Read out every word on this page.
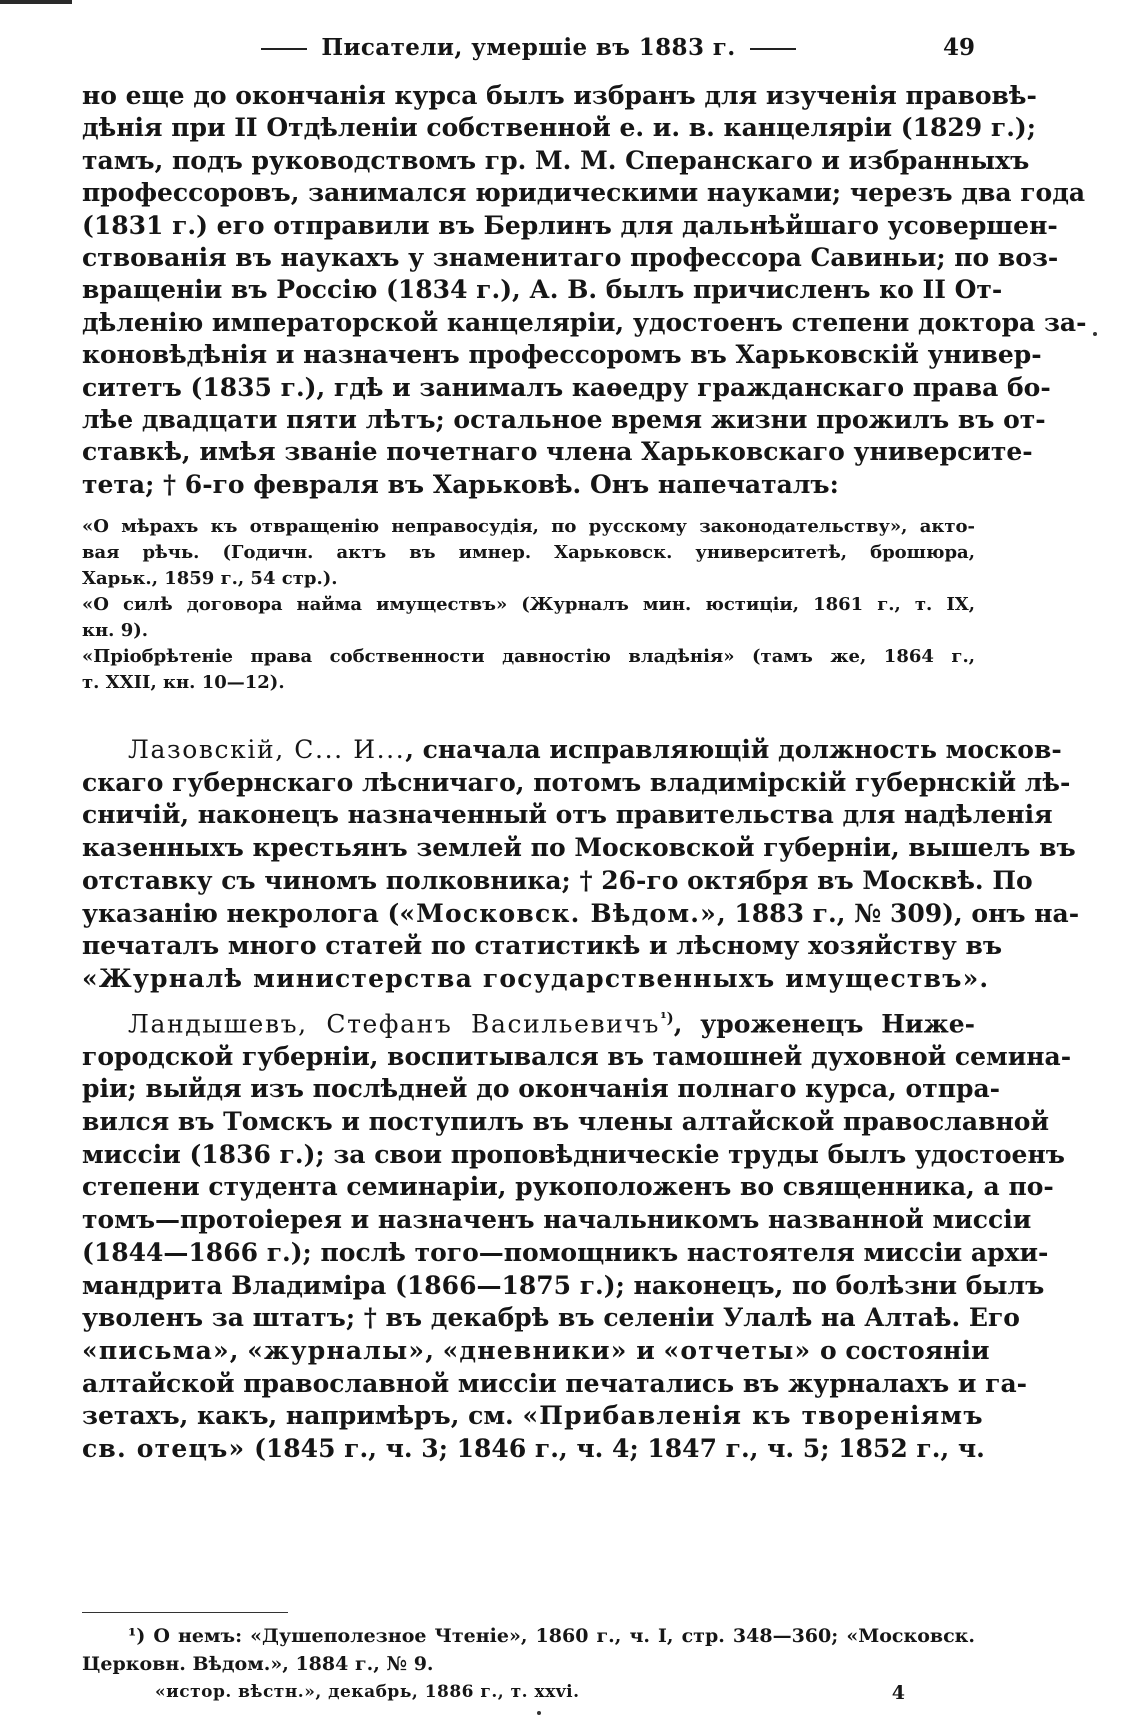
Писатели, умершіе въ 1883 г.	49
но еще до окончанія курса былъ избранъ для изученія правовѣ-
дѣнія при II Отдѣленіи собственной е. и. в. канцеляріи (1829 г.);
тамъ, подъ руководствомъ гр. М. М. Сперанскаго и избранныхъ
профессоровъ, занимался юридическими науками; черезъ два года
(1831 г.) его отправили въ Берлинъ для дальнѣйшаго усовершен-
ствованія въ наукахъ у знаменитаго профессора Савиньи; по воз-
вращеніи въ Россію (1834 г.), А. В. былъ причисленъ ко II От-
дѣленію императорской канцеляріи, удостоенъ степени доктора за-
коновѣдѣнія и назначенъ профессоромъ въ Харьковскій универ-
ситетъ (1835 г.), гдѣ и занималъ каѳедру гражданскаго права бо-
лѣе двадцати пяти лѣтъ; остальное время жизни прожилъ въ от-
ставкѣ, имѣя званіе почетнаго члена Харьковскаго университе-
тета; † 6-го февраля въ Харьковѣ. Онъ напечаталъ:
«О мѣрахъ къ отвращенію неправосудія, по русскому законодательству», акто-
вая рѣчь. (Годичн. актъ въ имнер. Харьковск. университетѣ, брошюра,
Харьк., 1859 г., 54 стр.).
«О силѣ договора найма имуществъ» (Журналъ мин. юстиціи, 1861 г., т. IX,
кн. 9).
«Пріобрѣтеніе права собственности давностію владѣнія» (тамъ же, 1864 г.,
т. XXII, кн. 10—12).
Лазовскій, С... И..., сначала исправляющій должность москов-
скаго губернскаго лѣсничаго, потомъ владимірскій губернскій лѣ-
сничій, наконецъ назначенный отъ правительства для надѣленія
казенныхъ крестьянъ землей по Московской губерніи, вышелъ въ
отставку съ чиномъ полковника; † 26-го октября въ Москвѣ. По
указанію некролога («Московск. Вѣдом.», 1883 г., № 309), онъ на-
печаталъ много статей по статистикѣ и лѣсному хозяйству въ
«Журналѣ министерства государственныхъ имуществъ».
Ландышевъ, Стефанъ Васильевичъ$^{^1)}$, уроженецъ Ниже-
городской губерніи, воспитывался въ тамошней духовной семина-
ріи; выйдя изъ послѣдней до окончанія полнаго курса, отпра-
вился въ Томскъ и поступилъ въ члены алтайской православной
миссіи (1836 г.); за свои проповѣдническіе труды былъ удостоенъ
степени студента семинаріи, рукоположенъ во священника, а по-
томъ—протоіерея и назначенъ начальникомъ названной миссіи
(1844—1866 г.); послѣ того—помощникъ настоятеля миссіи архи-
мандрита Владиміра (1866—1875 г.); наконецъ, по болѣзни былъ
уволенъ за штатъ; † въ декабрѣ въ селеніи Улалѣ на Алтаѣ. Его
«письма», «журналы», «дневники» и «отчеты» о состояніи
алтайской православной миссіи печатались въ журналахъ и га-
зетахъ, какъ, напримѣръ, см. «Прибавленія къ твореніямъ
св. отецъ» (1845 г., ч. 3; 1846 г., ч. 4; 1847 г., ч. 5; 1852 г., ч.
¹) О немъ: «Душеполезное Чтеніе», 1860 г., ч. I, стр. 348—360; «Московск.
Церковн. Вѣдом.», 1884 г., № 9.
«истор. вѣстн.», декабрь, 1886 г., т. xxvi.	4
